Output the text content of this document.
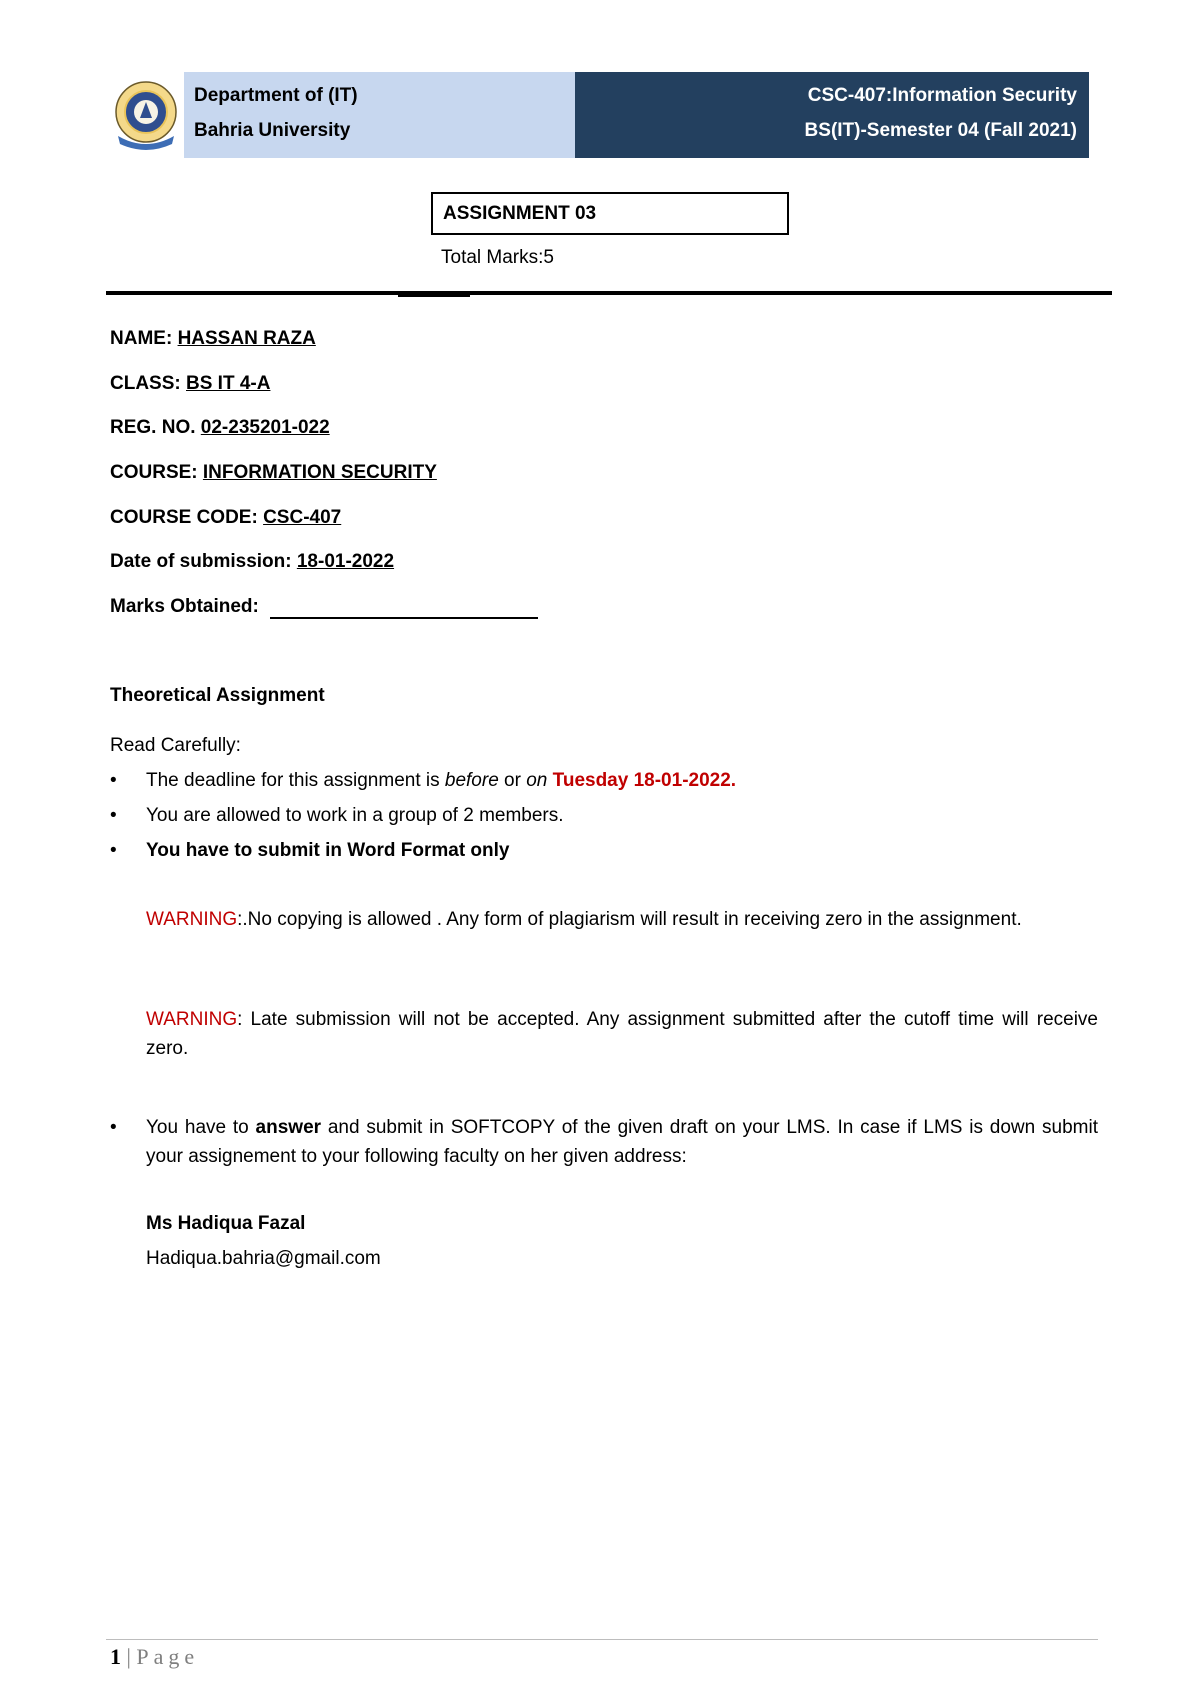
Department of (IT)
Bahria University
CSC-407:Information Security
BS(IT)-Semester 04 (Fall 2021)
ASSIGNMENT 03
Total Marks:5
NAME: HASSAN RAZA
CLASS: BS IT 4-A
REG. NO. 02-235201-022
COURSE: INFORMATION SECURITY
COURSE CODE: CSC-407
Date of submission: 18-01-2022
Marks Obtained:
Theoretical Assignment
Read Carefully:
•	The deadline for this assignment is before or on Tuesday 18-01-2022.
•	You are allowed to work in a group of 2 members.
•	You have to submit in Word Format only
WARNING:.No copying is allowed . Any form of plagiarism will result in receiving zero in the assignment.
WARNING: Late submission will not be accepted. Any assignment submitted after the cutoff time will receive zero.
•	You have to answer and submit in SOFTCOPY of the given draft on your LMS. In case if LMS is down submit your assignement to your following faculty on her given address:
Ms Hadiqua Fazal
Hadiqua.bahria@gmail.com
1 | Page
